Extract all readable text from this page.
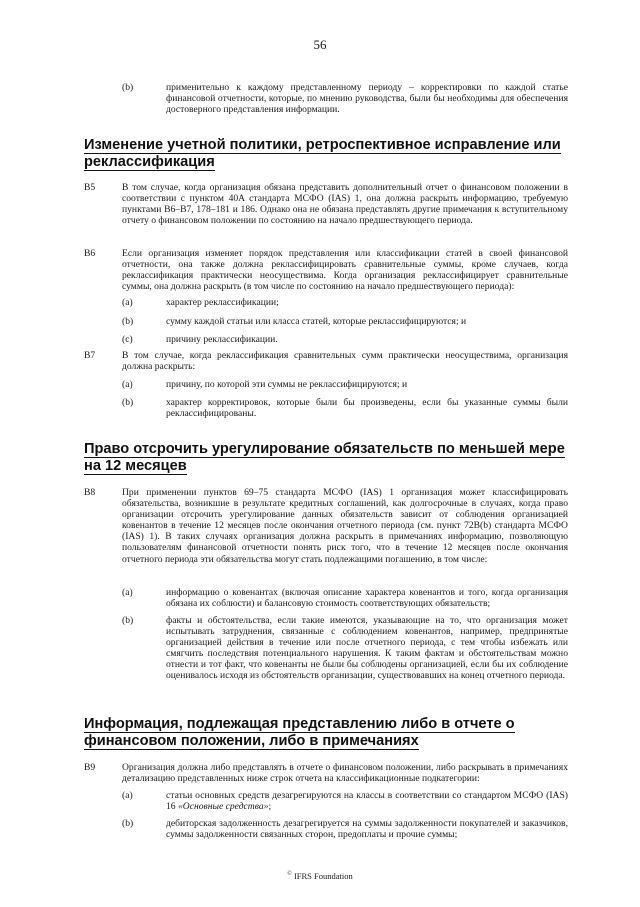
56
(b)	применительно к каждому представленному периоду – корректировки по каждой статье финансовой отчетности, которые, по мнению руководства, были бы необходимы для обеспечения достоверного представления информации.
Изменение учетной политики, ретроспективное исправление или реклассификация
B5	В том случае, когда организация обязана представить дополнительный отчет о финансовом положении в соответствии с пунктом 40A стандарта МСФО (IAS) 1, она должна раскрыть информацию, требуемую пунктами B6–B7, 178–181 и 186. Однако она не обязана представлять другие примечания к вступительному отчету о финансовом положении по состоянию на начало предшествующего периода.
B6	Если организация изменяет порядок представления или классификации статей в своей финансовой отчетности, она также должна реклассифицировать сравнительные суммы, кроме случаев, когда реклассификация практически неосуществима. Когда организация реклассифицирует сравнительные суммы, она должна раскрыть (в том числе по состоянию на начало предшествующего периода):
(a)	характер реклассификации;
(b)	сумму каждой статьи или класса статей, которые реклассифицируются; и
(c)	причину реклассификации.
B7	В том случае, когда реклассификация сравнительных сумм практически неосуществима, организация должна раскрыть:
(a)	причину, по которой эти суммы не реклассифицируются; и
(b)	характер корректировок, которые были бы произведены, если бы указанные суммы были реклассифицированы.
Право отсрочить урегулирование обязательств по меньшей мере на 12 месяцев
B8	При применении пунктов 69–75 стандарта МСФО (IAS) 1 организация может классифицировать обязательства, возникшие в результате кредитных соглашений, как долгосрочные в случаях, когда право организации отсрочить урегулирование данных обязательств зависит от соблюдения организацией ковенантов в течение 12 месяцев после окончания отчетного периода (см. пункт 72B(b) стандарта МСФО (IAS) 1). В таких случаях организация должна раскрыть в примечаниях информацию, позволяющую пользователям финансовой отчетности понять риск того, что в течение 12 месяцев после окончания отчетного периода эти обязательства могут стать подлежащими погашению, в том числе:
(a)	информацию о ковенантах (включая описание характера ковенантов и того, когда организация обязана их соблюсти) и балансовую стоимость соответствующих обязательств;
(b)	факты и обстоятельства, если такие имеются, указывающие на то, что организация может испытывать затруднения, связанные с соблюдением ковенантов, например, предпринятые организацией действия в течение или после отчетного периода, с тем чтобы избежать или смягчить последствия потенциального нарушения. К таким фактам и обстоятельствам можно отнести и тот факт, что ковенанты не были бы соблюдены организацией, если бы их соблюдение оценивалось исходя из обстоятельств организации, существовавших на конец отчетного периода.
Информация, подлежащая представлению либо в отчете о финансовом положении, либо в примечаниях
B9	Организация должна либо представлять в отчете о финансовом положении, либо раскрывать в примечаниях детализацию представленных ниже строк отчета на классификационные подкатегории:
(a)	статьи основных средств дезагрегируются на классы в соответствии со стандартом МСФО (IAS) 16 «Основные средства»;
(b)	дебиторская задолженность дезагрегируется на суммы задолженности покупателей и заказчиков, суммы задолженности связанных сторон, предоплаты и прочие суммы;
© IFRS Foundation
